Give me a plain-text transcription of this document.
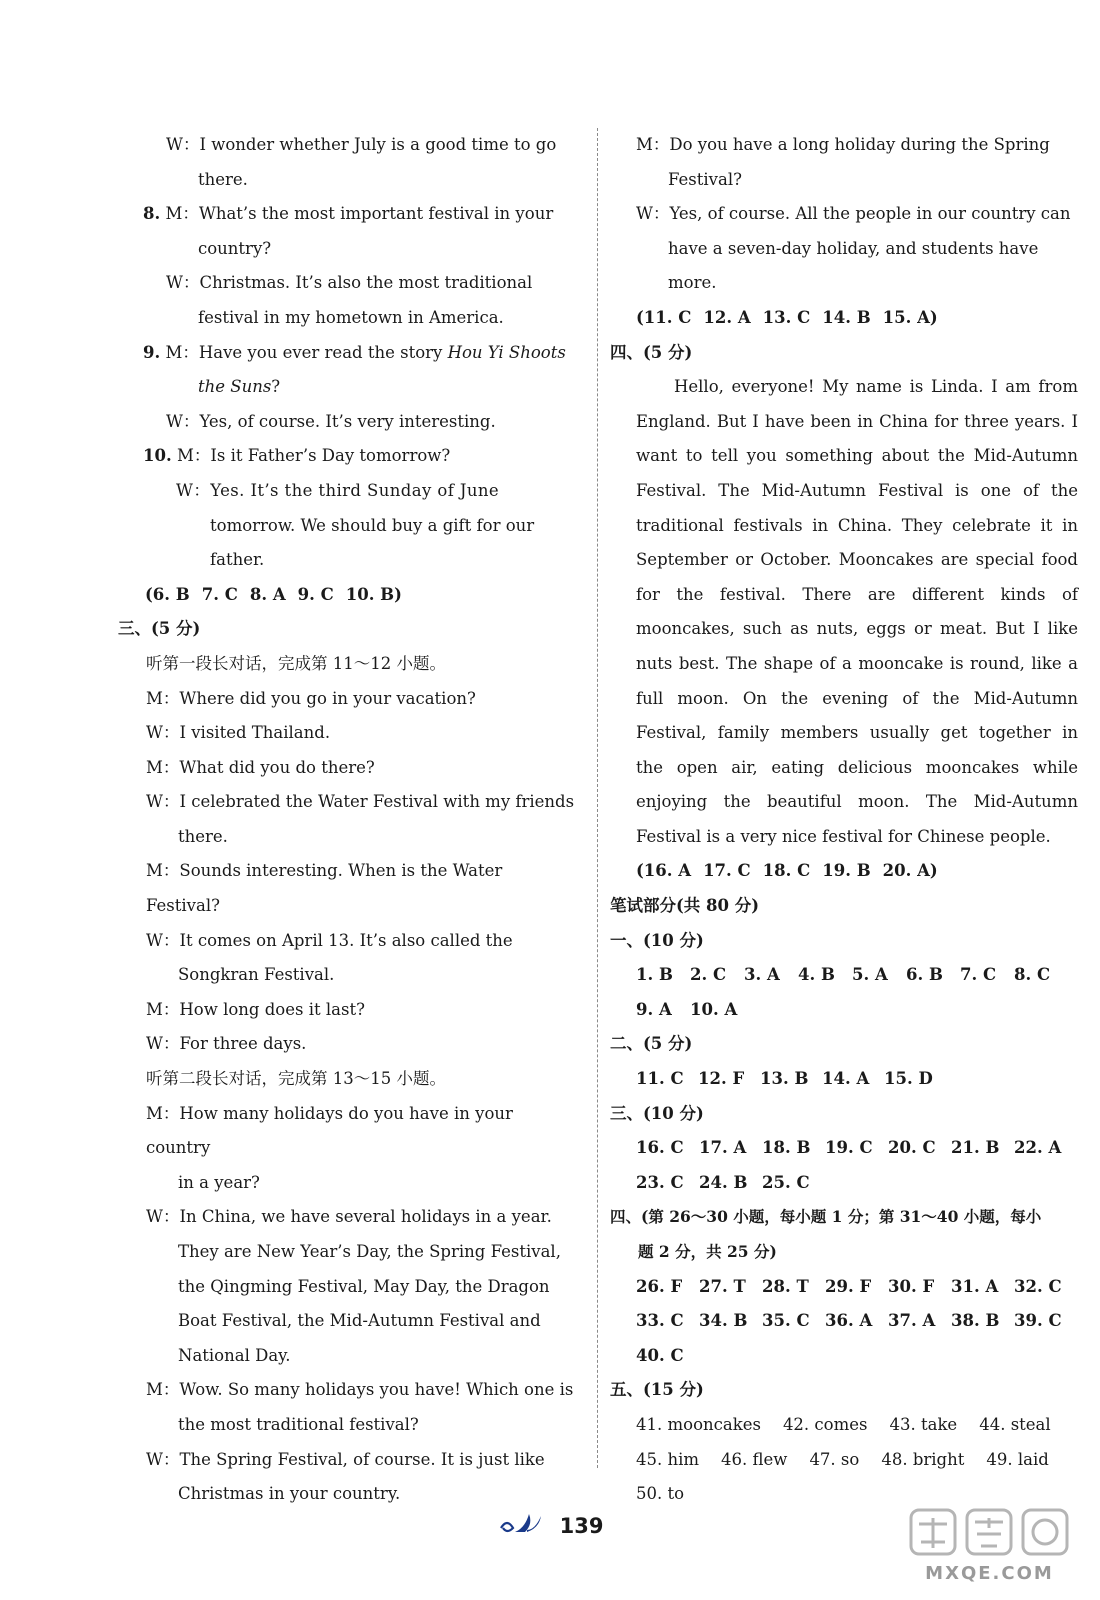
W：I wonder whether July is a good time to go
there.
8. M：What’s the most important festival in your
country?
W：Christmas. It’s also the most traditional
festival in my hometown in America.
9. M：Have you ever read the story Hou Yi Shoots
the Suns?
W：Yes, of course. It’s very interesting.
10. M：Is it Father’s Day tomorrow?
W：Yes. It’s the third Sunday of June
tomorrow. We should buy a gift for our
father.
(6. B 7. C 8. A 9. C 10. B)
三、(5 分)
听第一段长对话，完成第 11～12 小题。
M：Where did you go in your vacation?
W：I visited Thailand.
M：What did you do there?
W：I celebrated the Water Festival with my friends
there.
M：Sounds interesting. When is the Water Festival?
W：It comes on April 13. It’s also called the
Songkran Festival.
M：How long does it last?
W：For three days.
听第二段长对话，完成第 13～15 小题。
M：How many holidays do you have in your country
in a year?
W：In China, we have several holidays in a year.
They are New Year’s Day, the Spring Festival,
the Qingming Festival, May Day, the Dragon
Boat Festival, the Mid-Autumn Festival and
National Day.
M：Wow. So many holidays you have! Which one is
the most traditional festival?
W：The Spring Festival, of course. It is just like
Christmas in your country.
M：Do you have a long holiday during the Spring
Festival?
W：Yes, of course. All the people in our country can
have a seven-day holiday, and students have more.
(11. C 12. A 13. C 14. B 15. A)
四、(5 分)
Hello, everyone! My name is Linda. I am from
England. But I have been in China for three years. I
want to tell you something about the Mid-Autumn
Festival. The Mid-Autumn Festival is one of the
traditional festivals in China. They celebrate it in
September or October. Mooncakes are special food
for the festival. There are different kinds of
mooncakes, such as nuts, eggs or meat. But I like
nuts best. The shape of a mooncake is round, like a
full moon. On the evening of the Mid-Autumn
Festival, family members usually get together in
the open air, eating delicious mooncakes while
enjoying the beautiful moon. The Mid-Autumn
Festival is a very nice festival for Chinese people.
(16. A 17. C 18. C 19. B 20. A)
笔试部分(共 80 分)
一、(10 分)
1. B 2. C 3. A 4. B 5. A 6. B 7. C 8. C
9. A 10. A
二、(5 分)
11. C 12. F 13. B 14. A 15. D
三、(10 分)
16. C 17. A 18. B 19. C 20. C 21. B 22. A
23. C 24. B 25. C
四、(第 26～30 小题，每小题 1 分；第 31～40 小题，每小
题 2 分，共 25 分)
26. F 27. T 28. T 29. F 30. F 31. A 32. C
33. C 34. B 35. C 36. A 37. A 38. B 39. C
40. C
五、(15 分)
41. mooncakes 42. comes 43. take 44. steal
45. him 46. flew 47. so 48. bright 49. laid
50. to
139
MXQE.COM
